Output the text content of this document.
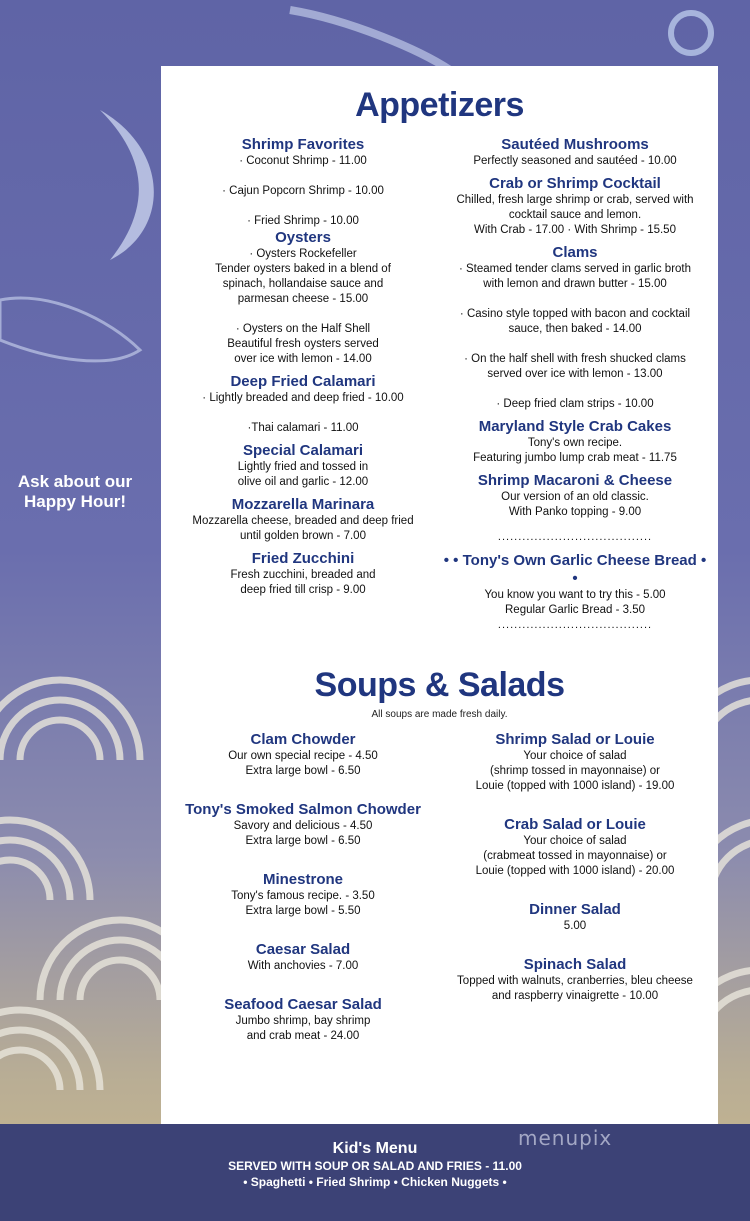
Ask about our
Happy Hour!
Appetizers
Shrimp Favorites

· Coconut Shrimp - 11.00

· Cajun Popcorn Shrimp - 10.00

· Fried Shrimp - 10.00

Oysters

· Oysters Rockefeller

Tender oysters baked in a blend of

spinach, hollandaise sauce and

parmesan cheese - 15.00

· Oysters on the Half Shell

Beautiful fresh oysters served

over ice with lemon - 14.00

Deep Fried Calamari

· Lightly breaded and deep fried - 10.00

·Thai calamari - 11.00

Special Calamari

Lightly fried and tossed in

olive oil and garlic - 12.00

Mozzarella Marinara

Mozzarella cheese, breaded and deep fried

until golden brown - 7.00

Fried Zucchini

Fresh zucchini, breaded and

deep fried till crisp - 9.00

Sautéed Mushrooms

Perfectly seasoned and sautéed - 10.00

Crab or Shrimp Cocktail

Chilled, fresh large shrimp or crab, served with

cocktail sauce and lemon.

With Crab - 17.00 · With Shrimp - 15.50

Clams

· Steamed tender clams served in garlic broth

with lemon and drawn butter - 15.00

· Casino style topped with bacon and cocktail

sauce, then baked - 14.00

· On the half shell with fresh shucked clams

served over ice with lemon - 13.00

· Deep fried clam strips - 10.00

Maryland Style Crab Cakes

Tony's own recipe.

Featuring jumbo lump crab meat - 11.75

Shrimp Macaroni & Cheese

Our version of an old classic.

With Panko topping - 9.00

......................................

• • Tony's Own Garlic Cheese Bread • •

You know you want to try this - 5.00

Regular Garlic Bread - 3.50

......................................

Soups & Salads
All soups are made fresh daily.
Clam Chowder

Our own special recipe - 4.50

Extra large bowl - 6.50

Tony's Smoked Salmon Chowder

Savory and delicious - 4.50

Extra large bowl - 6.50

Minestrone

Tony's famous recipe. - 3.50

Extra large bowl - 5.50

Caesar Salad

With anchovies - 7.00

Seafood Caesar Salad

Jumbo shrimp, bay shrimp

and crab meat - 24.00

Shrimp Salad or Louie

Your choice of salad

(shrimp tossed in mayonnaise) or

Louie (topped with 1000 island) - 19.00

Crab Salad or Louie

Your choice of salad

(crabmeat tossed in mayonnaise) or

Louie (topped with 1000 island) - 20.00

Dinner Salad

5.00

Spinach Salad

Topped with walnuts, cranberries, bleu cheese

and raspberry vinaigrette - 10.00

Kid's Menu
SERVED WITH SOUP OR SALAD AND FRIES - 11.00
• Spaghetti • Fried Shrimp • Chicken Nuggets •
menupix
